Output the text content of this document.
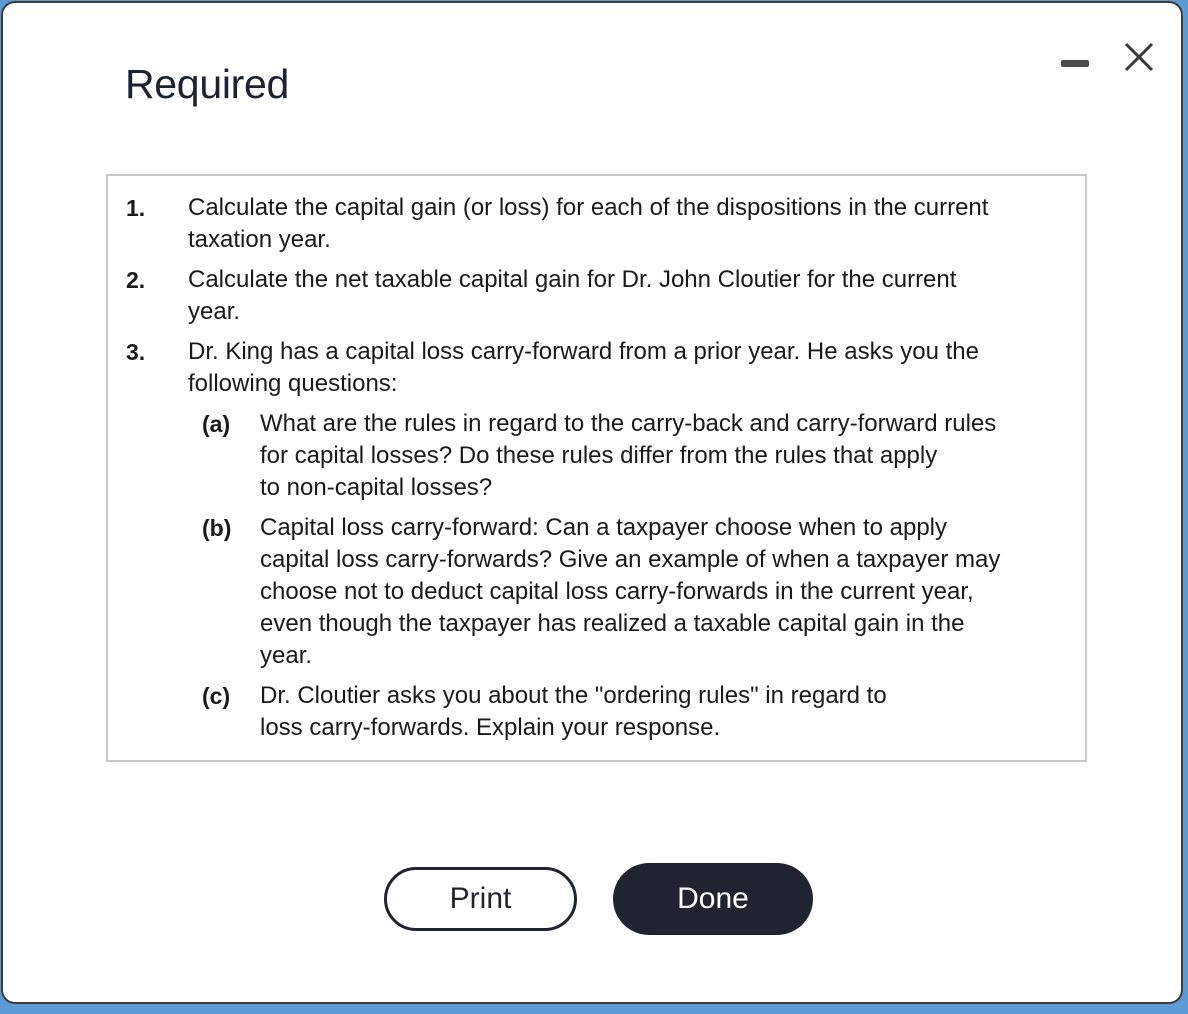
Required
1. Calculate the capital gain (or loss) for each of the dispositions in the current
taxation year.
2. Calculate the net taxable capital gain for Dr. John Cloutier for the current
year.
3. Dr. King has a capital loss carry-forward from a prior year. He asks you the
following questions:
(a) What are the rules in regard to the carry-back and carry-forward rules
for capital losses? Do these rules differ from the rules that apply
to non-capital losses?
(b) Capital loss carry-forward: Can a taxpayer choose when to apply
capital loss carry-forwards? Give an example of when a taxpayer may
choose not to deduct capital loss carry-forwards in the current year,
even though the taxpayer has realized a taxable capital gain in the
year.
(c) Dr. Cloutier asks you about the "ordering rules" in regard to
loss carry-forwards. Explain your response.
Print	Done
